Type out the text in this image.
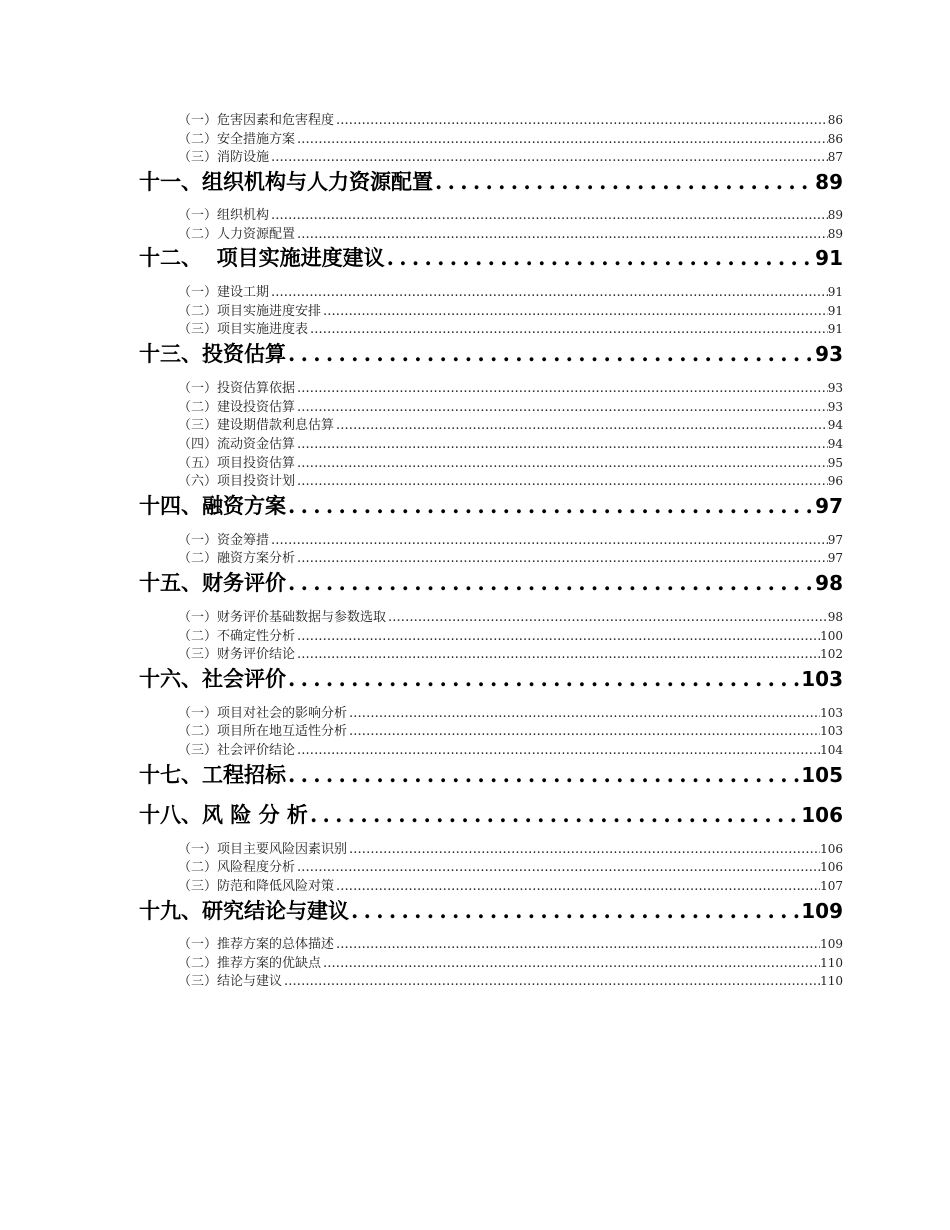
（一）危害因素和危害程度 . . .	86
（二）安全措施方案 . . .	86
（三）消防设施 . . .	87
十一、组织机构与人力资源配置 . . .	89
（一）组织机构 . . .	89
（二）人力资源配置 . . .	89
十二、  项目实施进度建议 . . .	91
（一）建设工期 . . .	91
（二）项目实施进度安排 . . .	91
（三）项目实施进度表 . . .	91
十三、投资估算 . . .	93
（一）投资估算依据 . . .	93
（二）建设投资估算 . . .	93
（三）建设期借款利息估算 . . .	94
（四）流动资金估算 . . .	94
（五）项目投资估算 . . .	95
（六）项目投资计划 . . .	96
十四、融资方案 . . .	97
（一）资金筹措 . . .	97
（二）融资方案分析 . . .	97
十五、财务评价 . . .	98
（一）财务评价基础数据与参数选取 . . .	98
（二）不确定性分析 . . .	100
（三）财务评价结论 . . .	102
十六、社会评价 . . .	103
（一）项目对社会的影响分析 . . .	103
（二）项目所在地互适性分析 . . .	103
（三）社会评价结论 . . .	104
十七、工程招标 . . .	105
十八、风 险 分 析 . . .	106
（一）项目主要风险因素识别 . . .	106
（二）风险程度分析 . . .	106
（三）防范和降低风险对策 . . .	107
十九、研究结论与建议 . . .	109
（一）推荐方案的总体描述 . . .	109
（二）推荐方案的优缺点 . . .	110
（三）结论与建议 . . .	110
